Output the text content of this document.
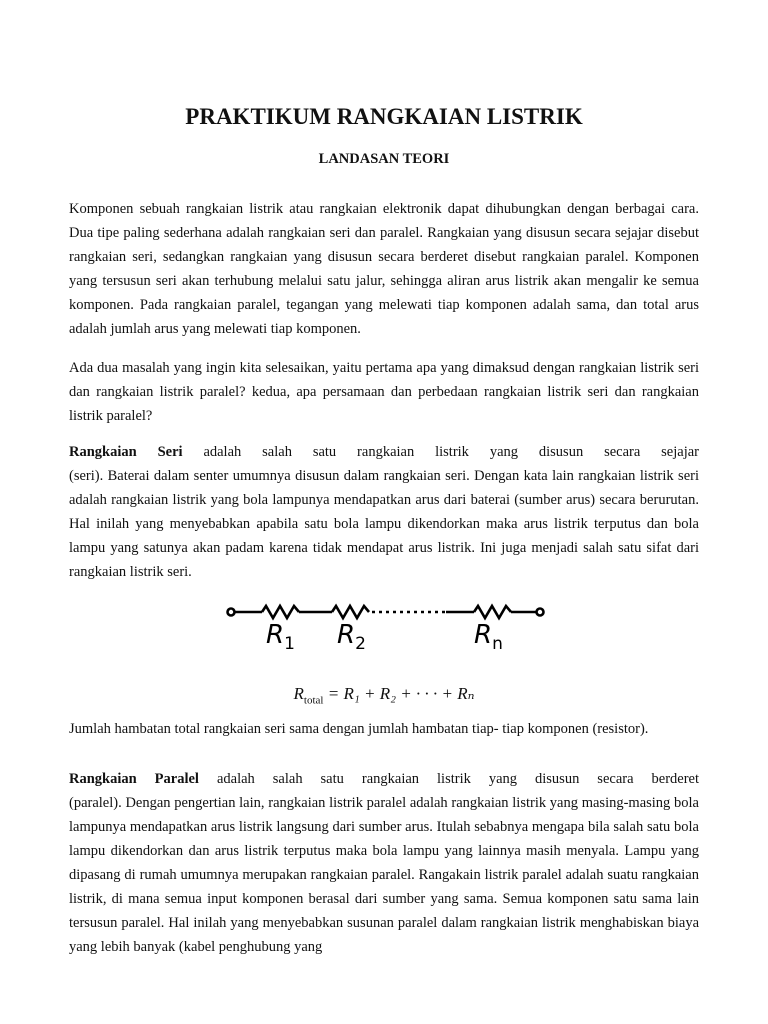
PRAKTIKUM RANGKAIAN LISTRIK
LANDASAN TEORI

Komponen sebuah rangkaian listrik atau rangkaian elektronik dapat dihubungkan dengan berbagai cara. Dua tipe paling sederhana adalah rangkaian seri dan paralel. Rangkaian yang disusun secara sejajar disebut rangkaian seri, sedangkan rangkaian yang disusun secara berderet disebut rangkaian paralel. Komponen yang tersusun seri akan terhubung melalui satu jalur, sehingga aliran arus listrik akan mengalir ke semua komponen. Pada rangkaian paralel, tegangan yang melewati tiap komponen adalah sama, dan total arus adalah jumlah arus yang melewati tiap komponen.

Ada dua masalah yang ingin kita selesaikan, yaitu pertama apa yang dimaksud dengan rangkaian listrik seri dan rangkaian listrik paralel? kedua, apa persamaan dan perbedaan rangkaian listrik seri dan rangkaian listrik paralel?

Rangkaian Seri adalah salah satu rangkaian listrik yang disusun secara sejajar
(seri). Baterai dalam senter umumnya disusun dalam rangkaian seri. Dengan kata lain rangkaian listrik seri adalah rangkaian listrik yang bola lampunya mendapatkan arus dari baterai (sumber arus) secara berurutan. Hal inilah yang menyebabkan apabila satu bola lampu dikendorkan maka arus listrik terputus dan bola lampu yang satunya akan padam karena tidak mendapat arus listrik. Ini juga menjadi salah satu sifat dari rangkaian listrik seri.
$R_1$ $R_2$	$R_n$
$R_{total} = R_1 + R_2$ + · · · + Rₙ

Jumlah hambatan total rangkaian seri sama dengan jumlah hambatan tiap- tiap komponen (resistor).

Rangkaian Paralel adalah salah satu rangkaian listrik yang disusun secara berderet
(paralel). Dengan pengertian lain, rangkaian listrik paralel adalah rangkaian listrik yang masing-masing bola lampunya mendapatkan arus listrik langsung dari sumber arus. Itulah sebabnya mengapa bila salah satu bola lampu dikendorkan dan arus listrik terputus maka bola lampu yang lainnya masih menyala. Lampu yang dipasang di rumah umumnya merupakan rangkaian paralel. Rangakain listrik paralel adalah suatu rangkaian listrik, di mana semua input komponen berasal dari sumber yang sama. Semua komponen satu sama lain tersusun paralel. Hal inilah yang menyebabkan susunan paralel dalam rangkaian listrik menghabiskan biaya yang lebih banyak (kabel penghubung yang
